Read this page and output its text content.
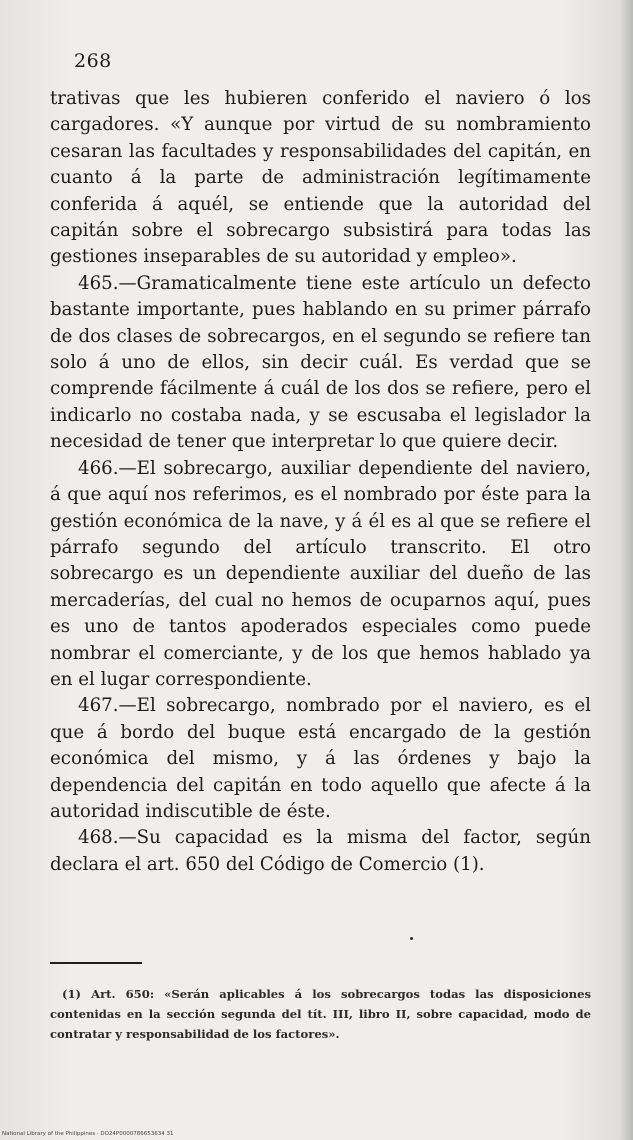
268

trativas que les hubieren conferido el naviero ó los cargadores. «Y aunque por virtud de su nombramiento cesaran las facultades y responsabilidades del capitán, en cuanto á la parte de administración legítimamente conferida á aquél, se entiende que la autoridad del capitán sobre el sobrecargo subsistirá para todas las gestiones inseparables de su autoridad y empleo».

465.—Gramaticalmente tiene este artículo un defecto bastante importante, pues hablando en su primer párrafo de dos clases de sobrecargos, en el segundo se refiere tan solo á uno de ellos, sin decir cuál. Es verdad que se comprende fácilmente á cuál de los dos se refiere, pero el indicarlo no costaba nada, y se escusaba el legislador la necesidad de tener que interpretar lo que quiere decir.

466.—El sobrecargo, auxiliar dependiente del naviero, á que aquí nos referimos, es el nombrado por éste para la gestión económica de la nave, y á él es al que se refiere el párrafo segundo del artículo transcrito. El otro sobrecargo es un dependiente auxiliar del dueño de las mercaderías, del cual no hemos de ocuparnos aquí, pues es uno de tantos apoderados especiales como puede nombrar el comerciante, y de los que hemos hablado ya en el lugar correspondiente.

467.—El sobrecargo, nombrado por el naviero, es el que á bordo del buque está encargado de la gestión económica del mismo, y á las órdenes y bajo la dependencia del capitán en todo aquello que afecte á la autoridad indiscutible de éste.

468.—Su capacidad es la misma del factor, según declara el art. 650 del Código de Comercio (1).

(1) Art. 650: «Serán aplicables á los sobrecargos todas las disposiciones contenidas en la sección segunda del tít. III, libro II, sobre capacidad, modo de contratar y responsabilidad de los factores».

National Library of the Philippines · DO24P0000786653634 31
